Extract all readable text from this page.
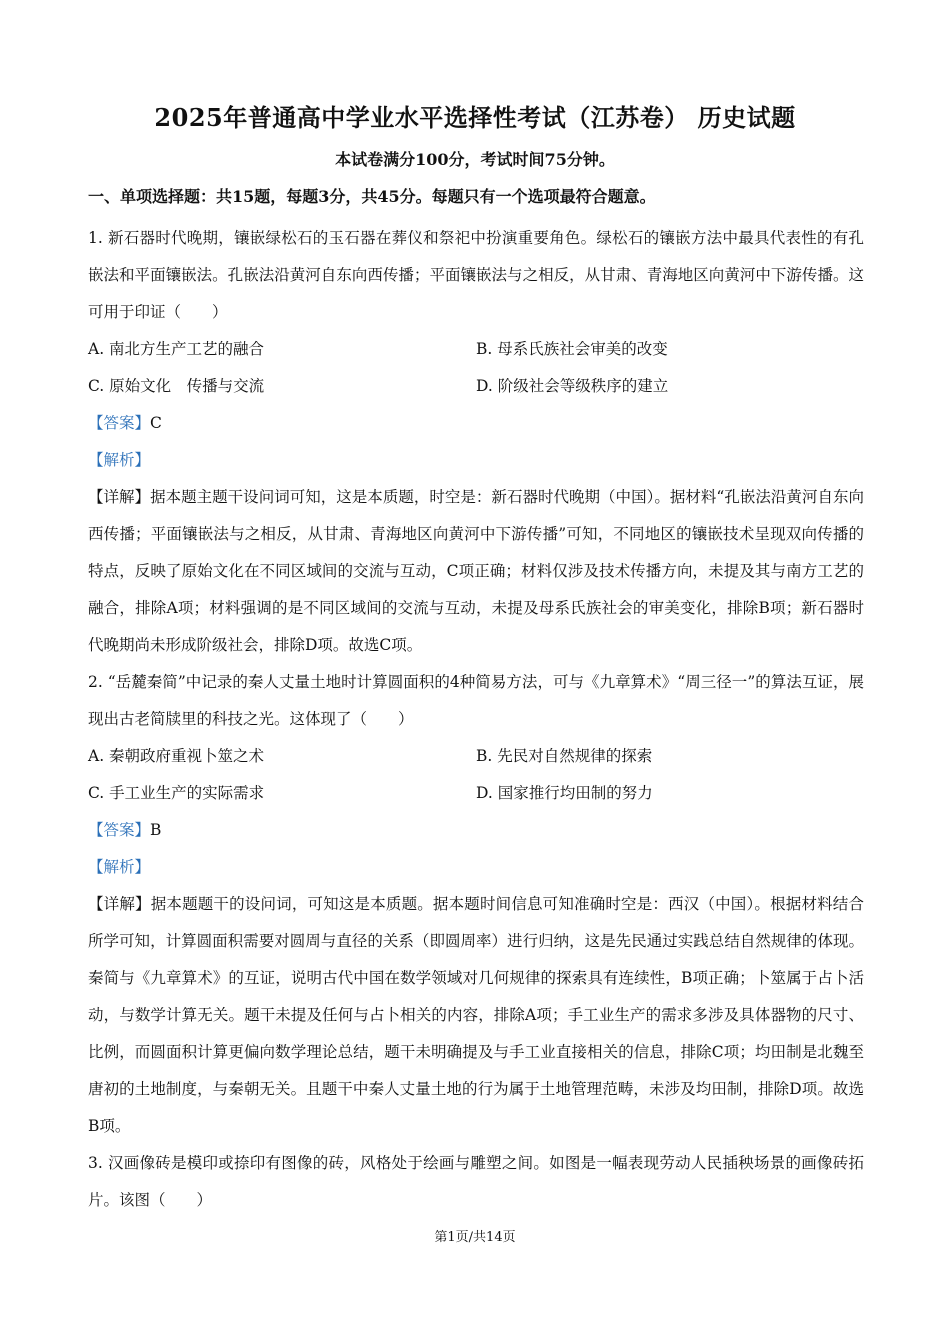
2025年普通高中学业水平选择性考试（江苏卷） 历史试题
本试卷满分100分，考试时间75分钟。
一、单项选择题：共15题，每题3分，共45分。每题只有一个选项最符合题意。

1. 新石器时代晚期，镶嵌绿松石的玉石器在葬仪和祭祀中扮演重要角色。绿松石的镶嵌方法中最具代表性的有孔嵌法和平面镶嵌法。孔嵌法沿黄河自东向西传播；平面镶嵌法与之相反，从甘肃、青海地区向黄河中下游传播。这可用于印证（　　）

A. 南北方生产工艺的融合	B. 母系氏族社会审美的改变
C. 原始文化　传播与交流	D. 阶级社会等级秩序的建立

【答案】C

【解析】

【详解】据本题主题干设问词可知，这是本质题，时空是：新石器时代晚期（中国）。据材料“孔嵌法沿黄河自东向西传播；平面镶嵌法与之相反，从甘肃、青海地区向黄河中下游传播”可知，不同地区的镶嵌技术呈现双向传播的特点，反映了原始文化在不同区域间的交流与互动，C项正确；材料仅涉及技术传播方向，未提及其与南方工艺的融合，排除A项；材料强调的是不同区域间的交流与互动，未提及母系氏族社会的审美变化，排除B项；新石器时代晚期尚未形成阶级社会，排除D项。故选C项。

2. “岳麓秦简”中记录的秦人丈量土地时计算圆面积的4种简易方法，可与《九章算术》“周三径一”的算法互证，展现出古老简牍里的科技之光。这体现了（　　）

A. 秦朝政府重视卜筮之术	B. 先民对自然规律的探索
C. 手工业生产的实际需求	D. 国家推行均田制的努力

【答案】B

【解析】

【详解】据本题题干的设问词，可知这是本质题。据本题时间信息可知准确时空是：西汉（中国）。根据材料结合所学可知，计算圆面积需要对圆周与直径的关系（即圆周率）进行归纳，这是先民通过实践总结自然规律的体现。秦简与《九章算术》的互证，说明古代中国在数学领域对几何规律的探索具有连续性，B项正确；卜筮属于占卜活动，与数学计算无关。题干未提及任何与占卜相关的内容，排除A项；手工业生产的需求多涉及具体器物的尺寸、比例，而圆面积计算更偏向数学理论总结，题干未明确提及与手工业直接相关的信息，排除C项；均田制是北魏至唐初的土地制度，与秦朝无关。且题干中秦人丈量土地的行为属于土地管理范畴，未涉及均田制，排除D项。故选B项。

3. 汉画像砖是模印或捺印有图像的砖，风格处于绘画与雕塑之间。如图是一幅表现劳动人民插秧场景的画像砖拓片。该图（　　）

第1页/共14页
